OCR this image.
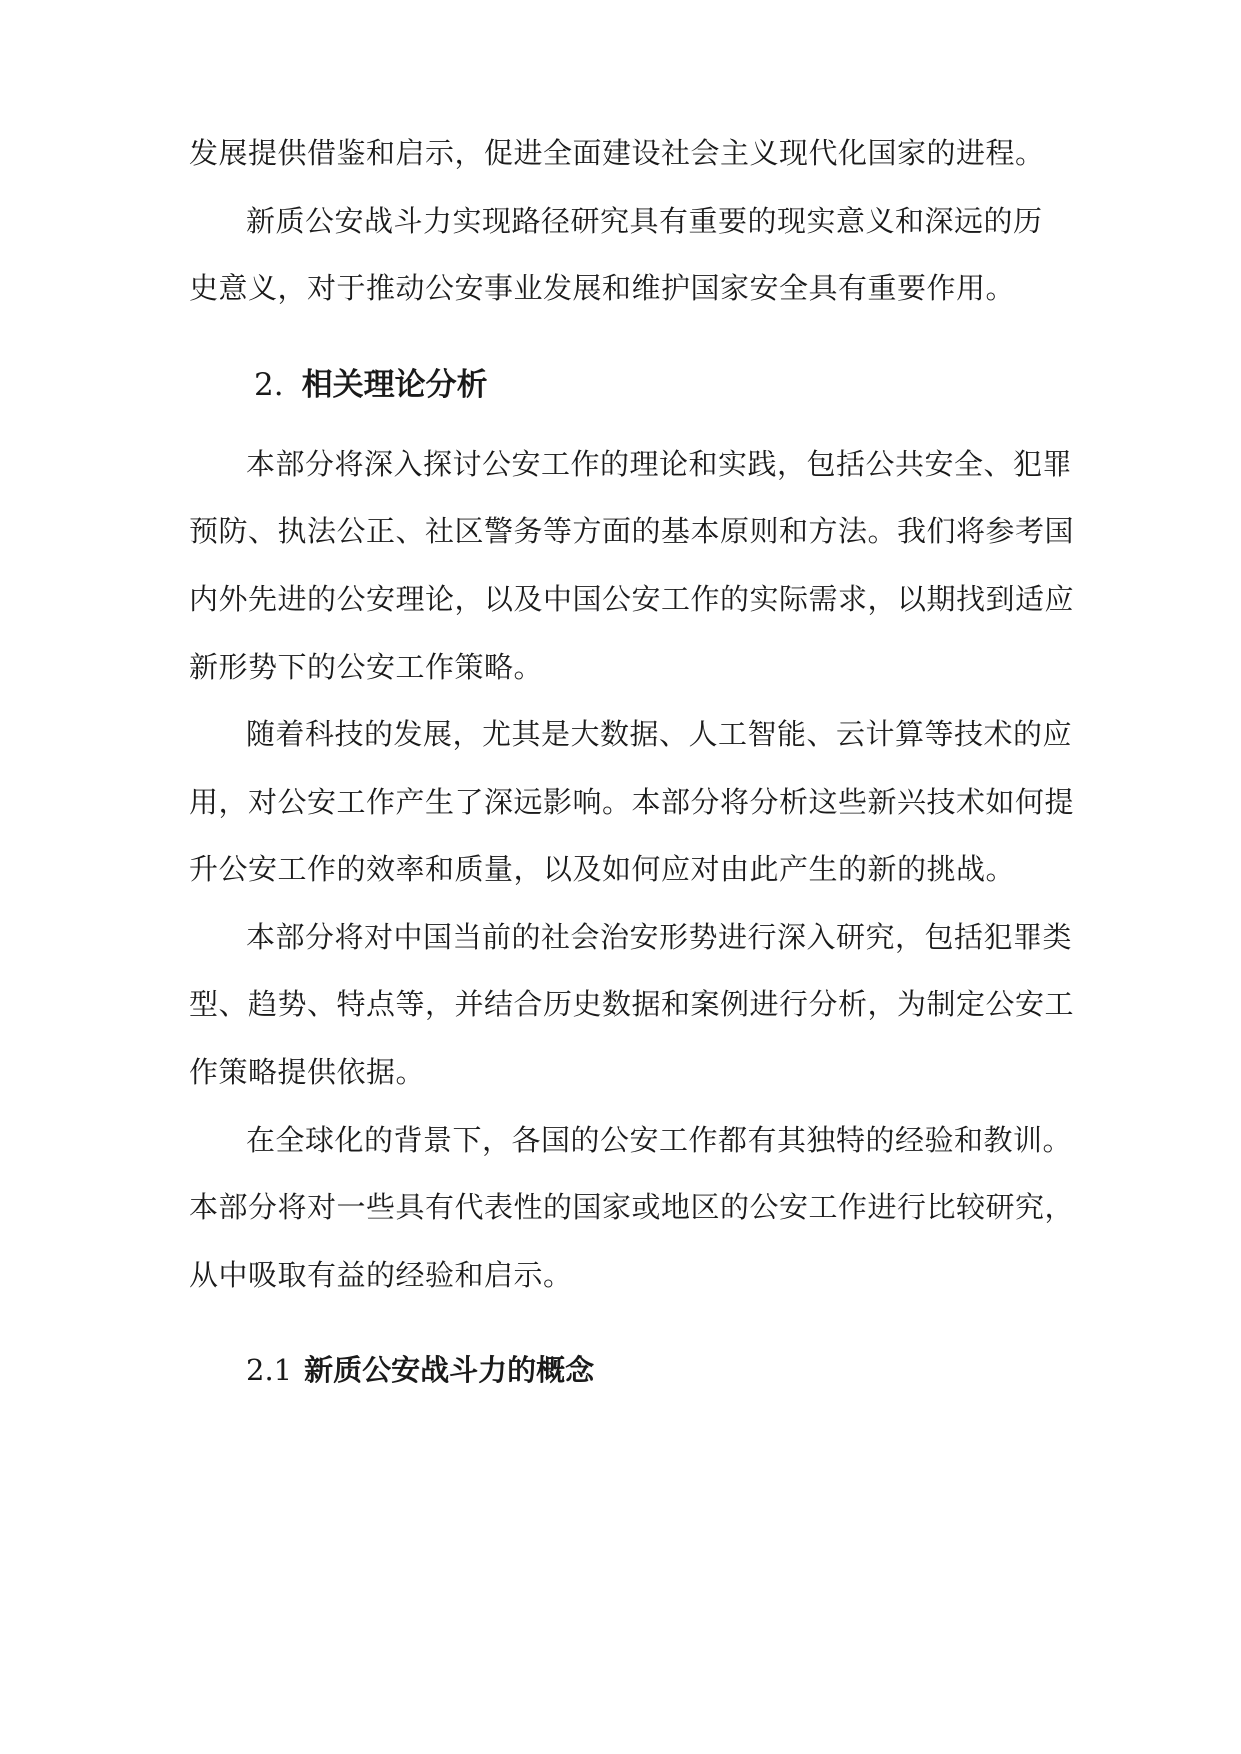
发展提供借鉴和启示，促进全面建设社会主义现代化国家的进程。
新质公安战斗力实现路径研究具有重要的现实意义和深远的历
史意义，对于推动公安事业发展和维护国家安全具有重要作用。
2. 相关理论分析
本部分将深入探讨公安工作的理论和实践，包括公共安全、犯罪
预防、执法公正、社区警务等方面的基本原则和方法。我们将参考国
内外先进的公安理论，以及中国公安工作的实际需求，以期找到适应
新形势下的公安工作策略。
随着科技的发展，尤其是大数据、人工智能、云计算等技术的应
用，对公安工作产生了深远影响。本部分将分析这些新兴技术如何提
升公安工作的效率和质量，以及如何应对由此产生的新的挑战。
本部分将对中国当前的社会治安形势进行深入研究，包括犯罪类
型、趋势、特点等，并结合历史数据和案例进行分析，为制定公安工
作策略提供依据。
在全球化的背景下，各国的公安工作都有其独特的经验和教训。
本部分将对一些具有代表性的国家或地区的公安工作进行比较研究，
从中吸取有益的经验和启示。
2.1 新质公安战斗力的概念
